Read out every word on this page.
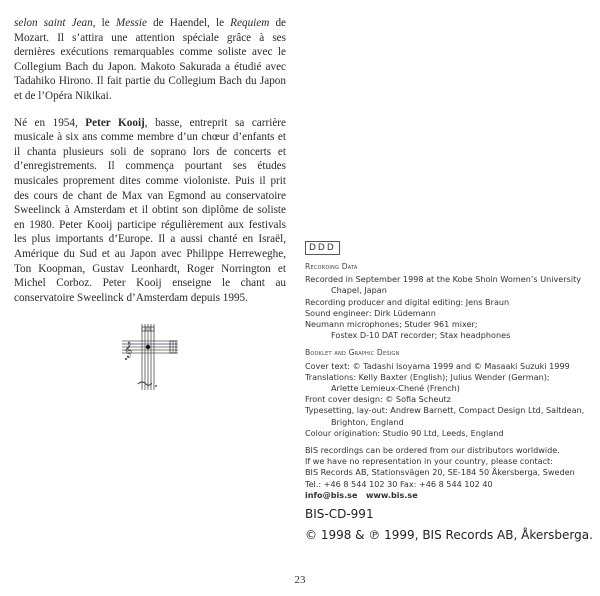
selon saint Jean, le Messie de Haendel, le Requiem de Mozart. Il s’attira une attention spéciale grâce à ses dernières exécutions remarquables comme soliste avec le Collegium Bach du Japon. Makoto Sakurada a étudié avec Tadahiko Hirono. Il fait partie du Collegium Bach du Japon et de l’Opéra Nikikai.

Né en 1954, Peter Kooij, basse, entreprit sa carrière musicale à six ans comme membre d’un chœur d’enfants et il chanta plusieurs soli de soprano lors de concerts et d’enregistrements. Il commença pourtant ses études musicales proprement dites comme violoniste. Puis il prit des cours de chant de Max van Egmond au conservatoire Sweelinck à Amsterdam et il obtint son diplôme de soliste en 1980. Peter Kooij participe régulièrement aux festivals les plus importants d’Europe. Il a aussi chanté en Israël, Amérique du Sud et au Japon avec Philippe Herreweghe, Ton Koopman, Gustav Leonhardt, Roger Norrington et Michel Corboz. Peter Kooij enseigne le chant au conservatoire Sweelinck d’Amsterdam depuis 1995.

𝄞
DDD
Recording Data
Recorded in September 1998 at the Kobe Shoin Women’s University
Chapel, Japan
Recording producer and digital editing: Jens Braun
Sound engineer: Dirk Lüdemann
Neumann microphones; Studer 961 mixer;
Fostex D-10 DAT recorder; Stax headphones
Booklet and Graphic Design
Cover text: © Tadashi Isoyama 1999 and © Masaaki Suzuki 1999
Translations: Kelly Baxter (English); Julius Wender (German);
Arlette Lemieux-Chené (French)
Front cover design: © Sofia Scheutz
Typesetting, lay-out: Andrew Barnett, Compact Design Ltd, Saltdean,
Brighton, England
Colour origination: Studio 90 Ltd, Leeds, England
BIS recordings can be ordered from our distributors worldwide.
If we have no representation in your country, please contact:
BIS Records AB, Stationsvägen 20, SE-184 50 Åkersberga, Sweden
Tel.: +46 8 544 102 30 Fax: +46 8 544 102 40
info@bis.se www.bis.se
BIS-CD-991
© 1998 & ℗ 1999, BIS Records AB, Åkersberga.
23
